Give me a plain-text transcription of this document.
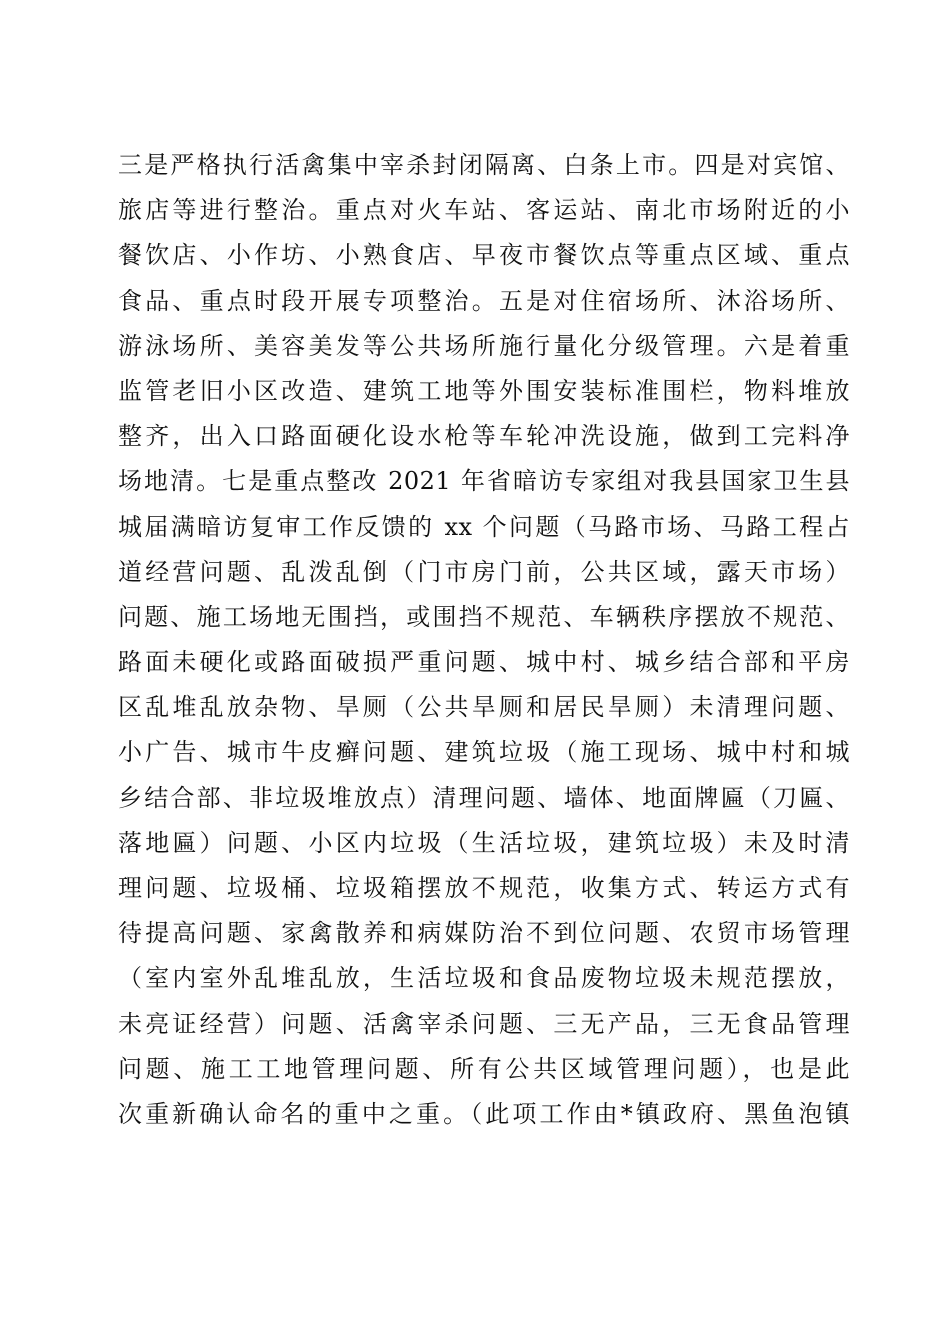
三是严格执行活禽集中宰杀封闭隔离、白条上市。四是对宾馆、
旅店等进行整治。重点对火车站、客运站、南北市场附近的小
餐饮店、小作坊、小熟食店、早夜市餐饮点等重点区域、重点
食品、重点时段开展专项整治。五是对住宿场所、沐浴场所、
游泳场所、美容美发等公共场所施行量化分级管理。六是着重
监管老旧小区改造、建筑工地等外围安装标准围栏，物料堆放
整齐，出入口路面硬化设水枪等车轮冲洗设施，做到工完料净
场地清。七是重点整改 2021 年省暗访专家组对我县国家卫生县
城届满暗访复审工作反馈的 xx 个问题（马路市场、马路工程占
道经营问题、乱泼乱倒（门市房门前，公共区域，露天市场）
问题、施工场地无围挡，或围挡不规范、车辆秩序摆放不规范、
路面未硬化或路面破损严重问题、城中村、城乡结合部和平房
区乱堆乱放杂物、旱厕（公共旱厕和居民旱厕）未清理问题、
小广告、城市牛皮癣问题、建筑垃圾（施工现场、城中村和城
乡结合部、非垃圾堆放点）清理问题、墙体、地面牌匾（刀匾、
落地匾）问题、小区内垃圾（生活垃圾，建筑垃圾）未及时清
理问题、垃圾桶、垃圾箱摆放不规范，收集方式、转运方式有
待提高问题、家禽散养和病媒防治不到位问题、农贸市场管理
（室内室外乱堆乱放，生活垃圾和食品废物垃圾未规范摆放，
未亮证经营）问题、活禽宰杀问题、三无产品，三无食品管理
问题、施工工地管理问题、所有公共区域管理问题），也是此
次重新确认命名的重中之重。（此项工作由*镇政府、黑鱼泡镇
